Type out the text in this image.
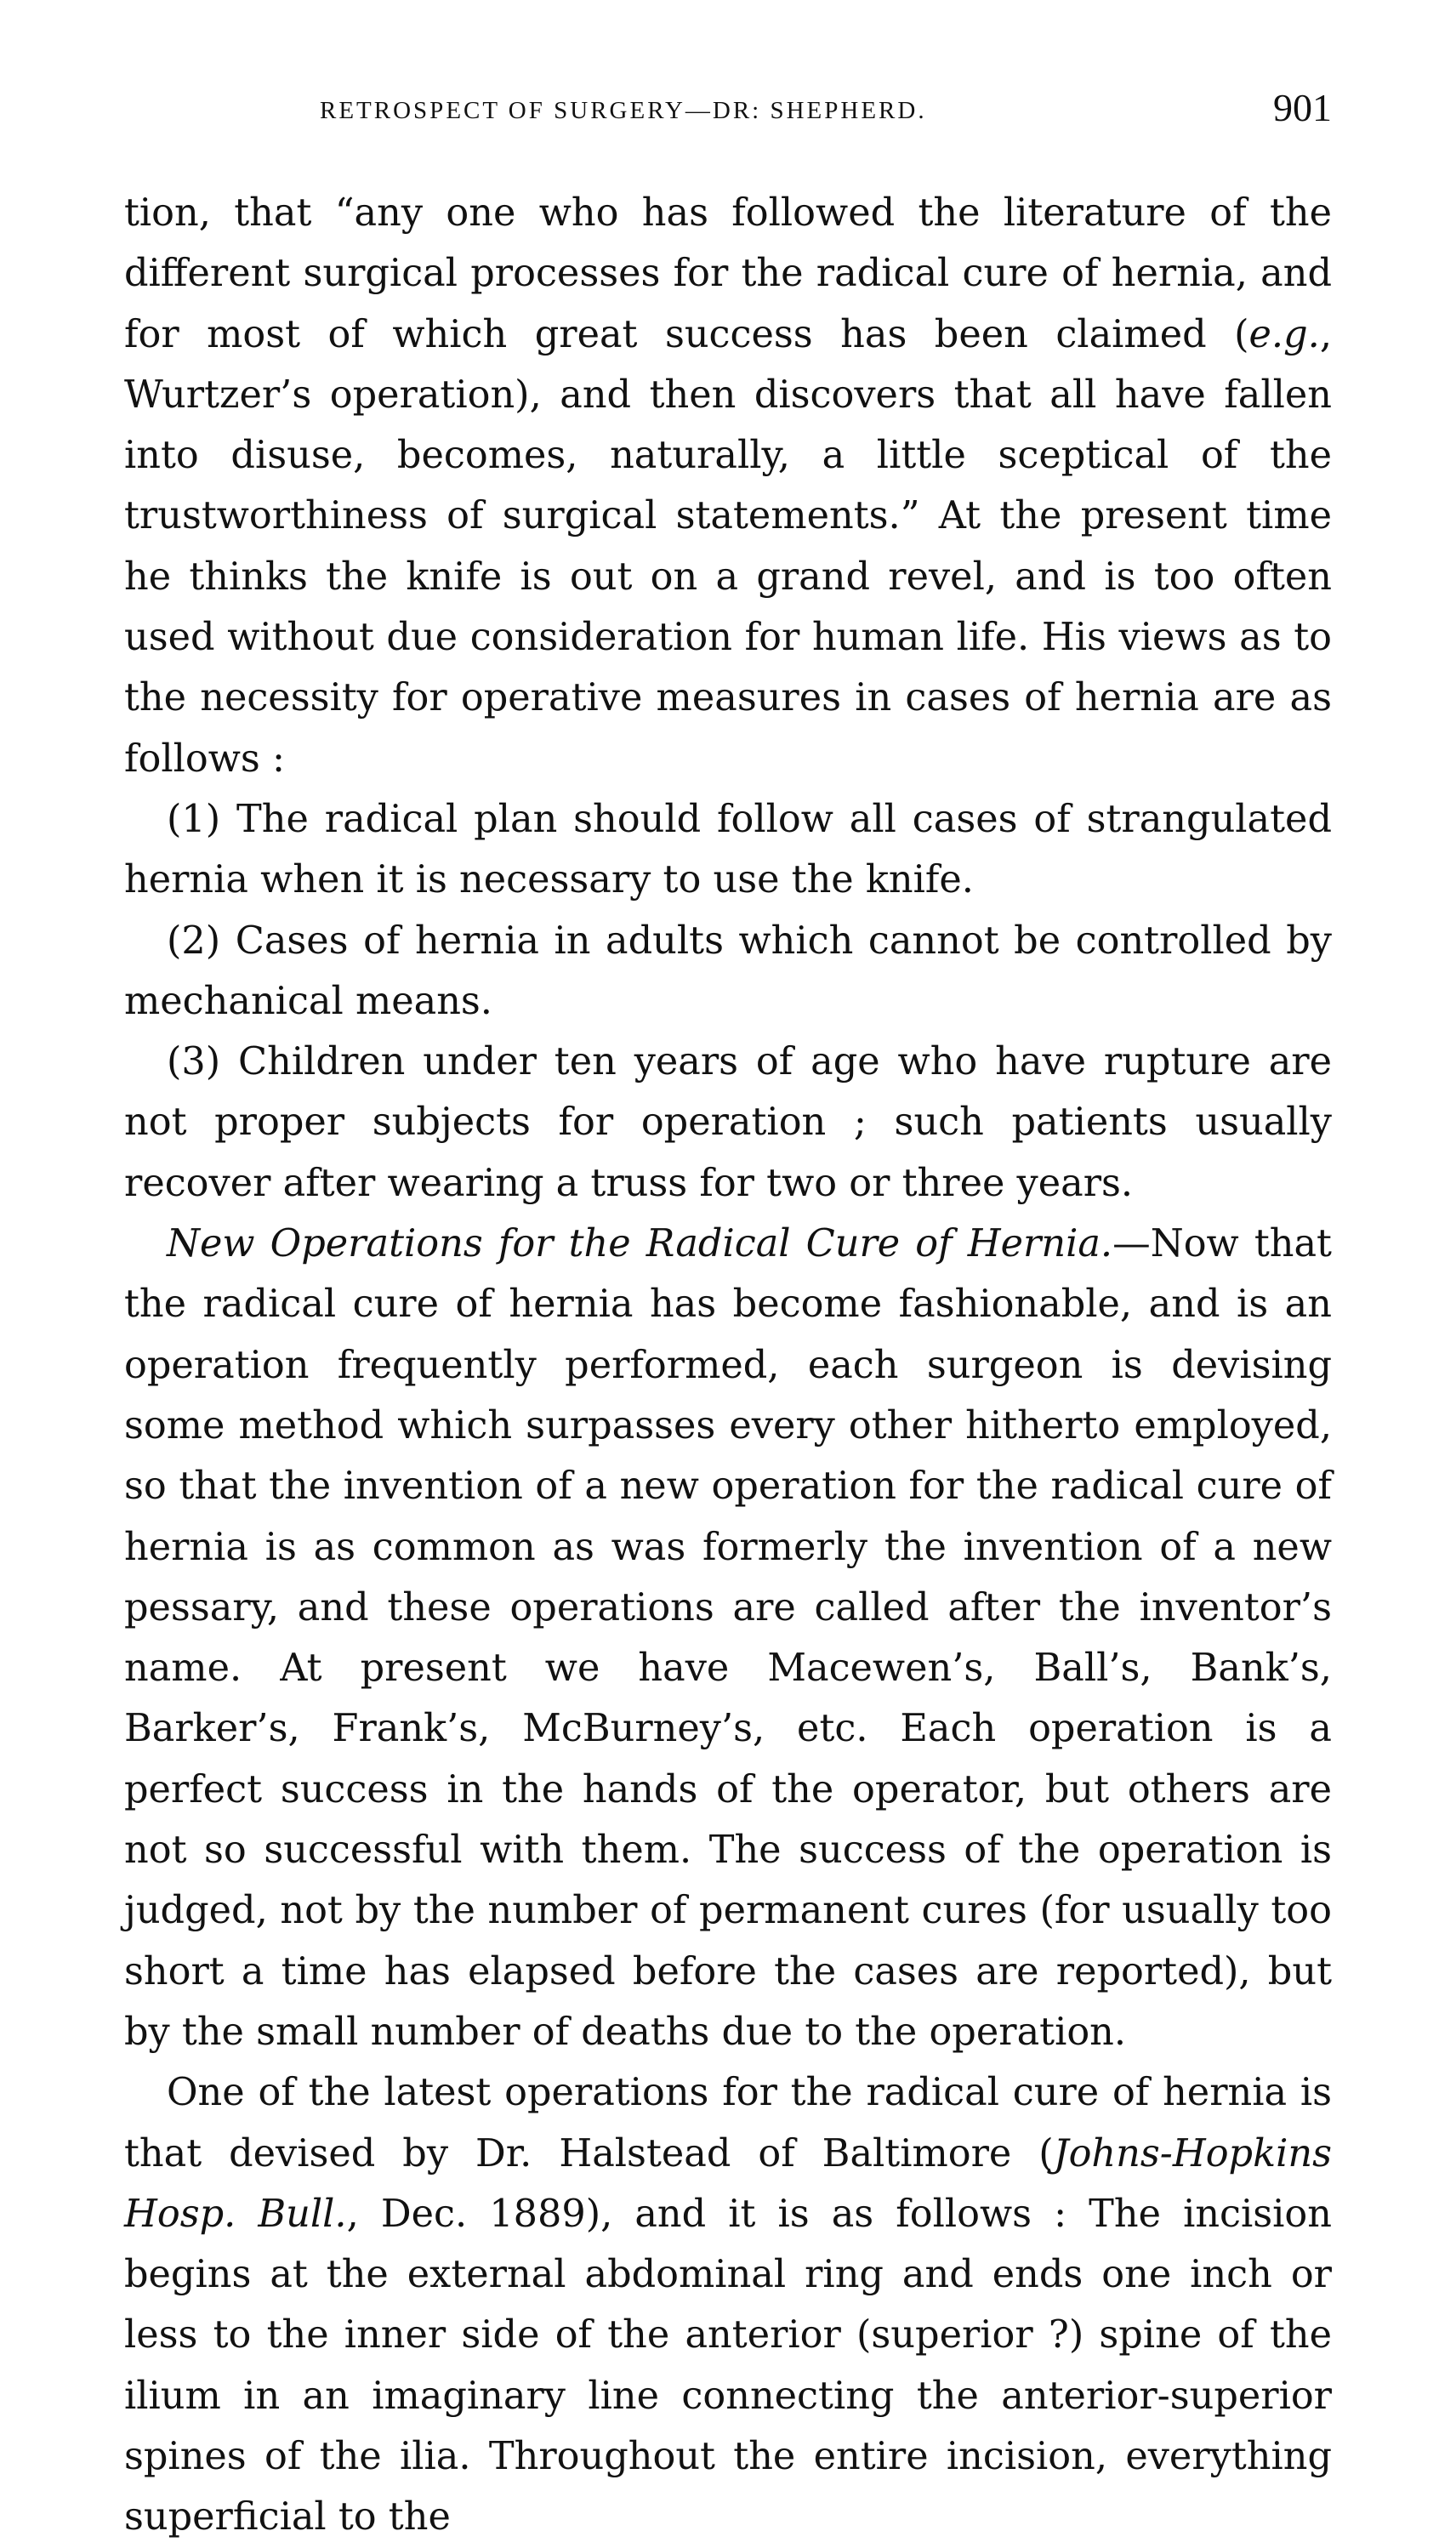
RETROSPECT OF SURGERY—DR: SHEPHERD.	901

tion, that “any one who has followed the literature of the different surgical processes for the radical cure of hernia, and for most of which great success has been claimed (e.g., Wurtzer’s operation), and then discovers that all have fallen into disuse, becomes, naturally, a little sceptical of the trustworthiness of surgical statements.” At the present time he thinks the knife is out on a grand revel, and is too often used without due consideration for human life. His views as to the necessity for operative measures in cases of hernia are as follows :

(1) The radical plan should follow all cases of strangulated hernia when it is necessary to use the knife.

(2) Cases of hernia in adults which cannot be controlled by mechanical means.

(3) Children under ten years of age who have rupture are not proper subjects for operation ; such patients usually recover after wearing a truss for two or three years.

New Operations for the Radical Cure of Hernia.—Now that the radical cure of hernia has become fashionable, and is an operation frequently performed, each surgeon is devising some method which surpasses every other hitherto employed, so that the invention of a new operation for the radical cure of hernia is as common as was formerly the invention of a new pessary, and these operations are called after the inventor’s name. At present we have Macewen’s, Ball’s, Bank’s, Barker’s, Frank’s, McBurney’s, etc. Each operation is a perfect success in the hands of the operator, but others are not so successful with them. The success of the operation is judged, not by the number of permanent cures (for usually too short a time has elapsed before the cases are reported), but by the small number of deaths due to the operation.

One of the latest operations for the radical cure of hernia is that devised by Dr. Halstead of Baltimore (Johns-Hopkins Hosp. Bull., Dec. 1889), and it is as follows : The incision begins at the external abdominal ring and ends one inch or less to the inner side of the anterior (superior ?) spine of the ilium in an imaginary line connecting the anterior-superior spines of the ilia. Throughout the entire incision, everything superficial to the
